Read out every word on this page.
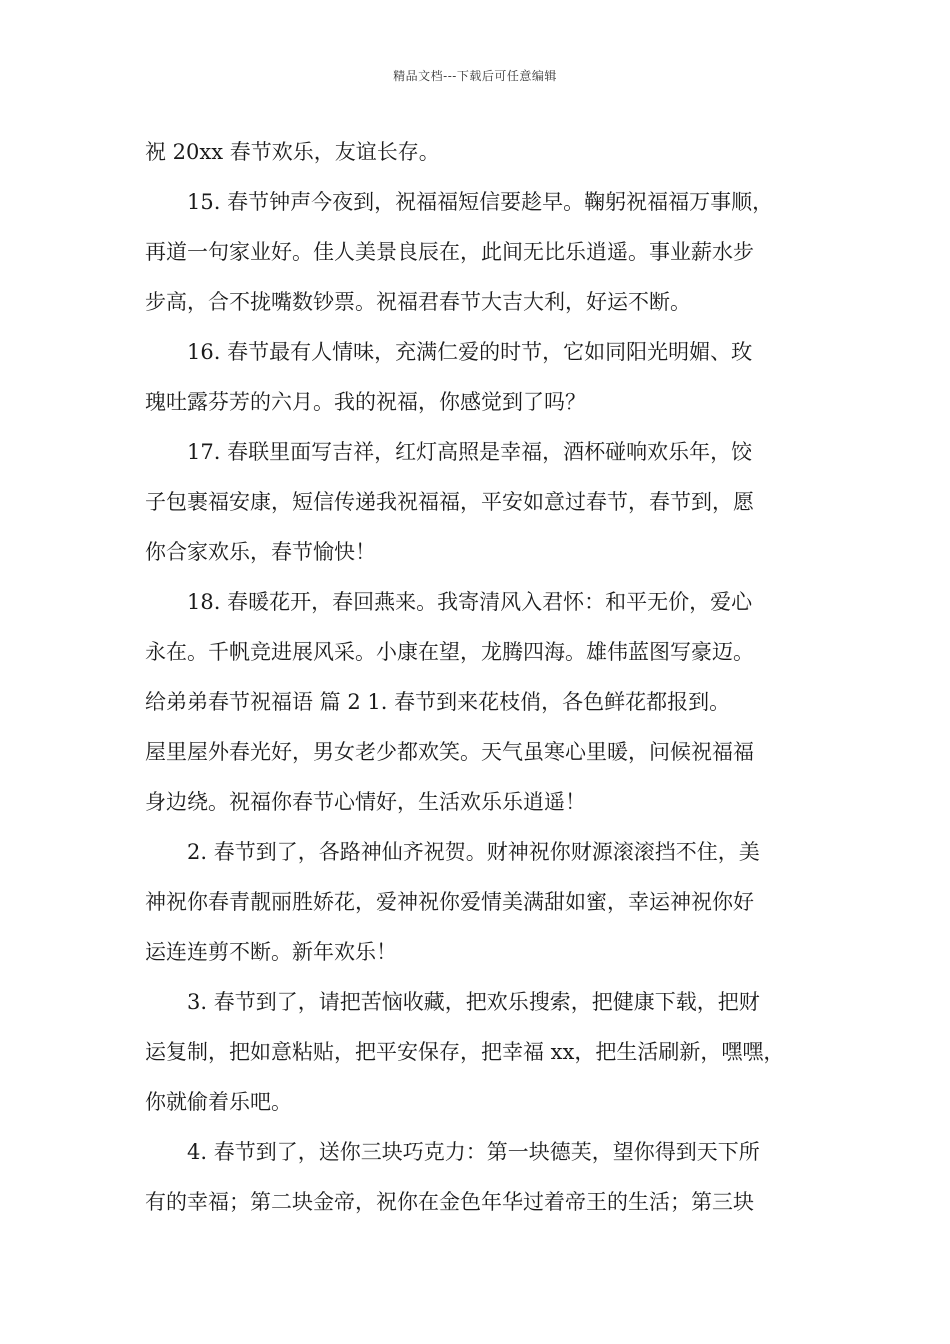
精品文档---下载后可任意编辑
祝 20xx 春节欢乐，友谊长存。
15. 春节钟声今夜到，祝福福短信要趁早。鞠躬祝福福万事顺，
再道一句家业好。佳人美景良辰在，此间无比乐逍遥。事业薪水步
步高，合不拢嘴数钞票。祝福君春节大吉大利，好运不断。
16. 春节最有人情味，充满仁爱的时节，它如同阳光明媚、玫
瑰吐露芬芳的六月。我的祝福，你感觉到了吗？
17. 春联里面写吉祥，红灯高照是幸福，酒杯碰响欢乐年，饺
子包裹福安康，短信传递我祝福福，平安如意过春节，春节到，愿
你合家欢乐，春节愉快！
18. 春暖花开，春回燕来。我寄清风入君怀：和平无价，爱心
永在。千帆竞进展风采。小康在望，龙腾四海。雄伟蓝图写豪迈。
给弟弟春节祝福语 篇 2 1. 春节到来花枝俏，各色鲜花都报到。
屋里屋外春光好，男女老少都欢笑。天气虽寒心里暖，问候祝福福
身边绕。祝福你春节心情好，生活欢乐乐逍遥！
2. 春节到了，各路神仙齐祝贺。财神祝你财源滚滚挡不住，美
神祝你春青靓丽胜娇花，爱神祝你爱情美满甜如蜜，幸运神祝你好
运连连剪不断。新年欢乐！
3. 春节到了，请把苦恼收藏，把欢乐搜索，把健康下载，把财
运复制，把如意粘贴，把平安保存，把幸福 xx，把生活刷新，嘿嘿，
你就偷着乐吧。
4. 春节到了，送你三块巧克力：第一块德芙，望你得到天下所
有的幸福；第二块金帝，祝你在金色年华过着帝王的生活；第三块
